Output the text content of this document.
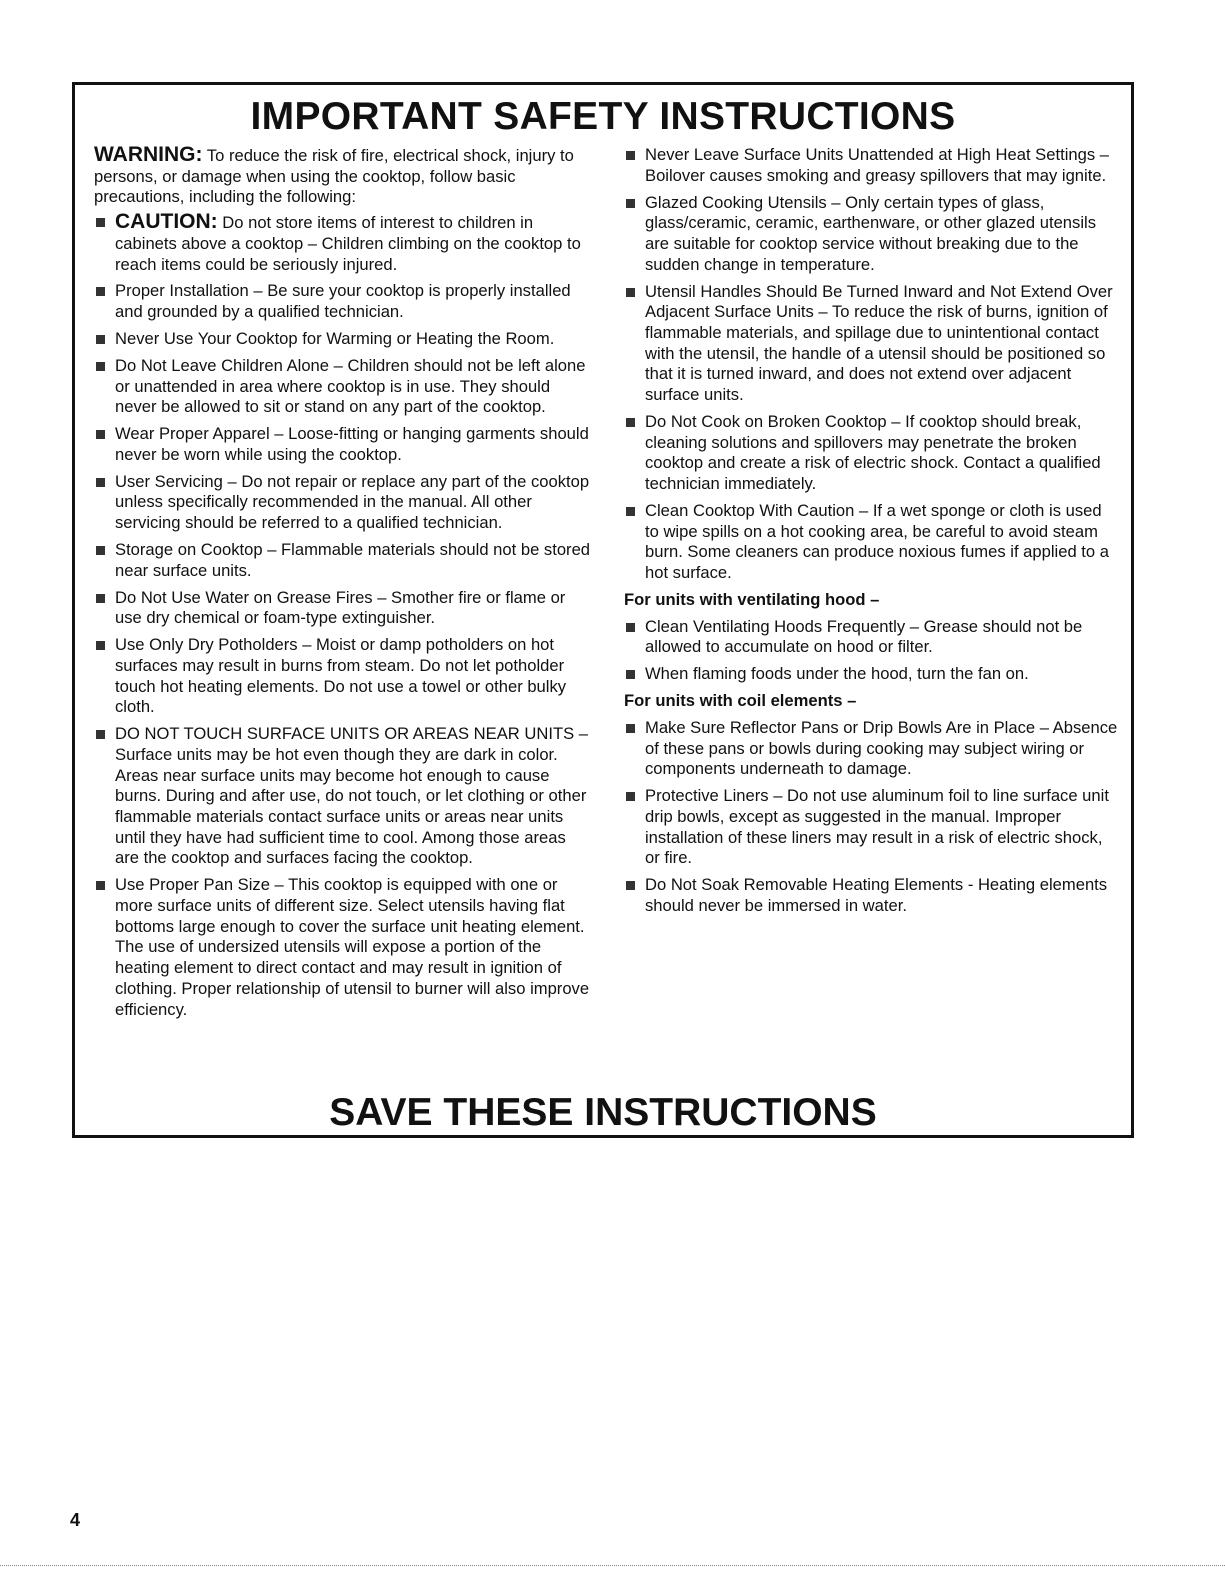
IMPORTANT SAFETY INSTRUCTIONS

WARNING: To reduce the risk of fire, electrical shock, injury to persons, or damage when using the cooktop, follow basic precautions, including the following:

CAUTION: Do not store items of interest to children in cabinets above a cooktop – Children climbing on the cooktop to reach items could be seriously injured.
Proper Installation – Be sure your cooktop is properly installed and grounded by a qualified technician.
Never Use Your Cooktop for Warming or Heating the Room.
Do Not Leave Children Alone – Children should not be left alone or unattended in area where cooktop is in use. They should never be allowed to sit or stand on any part of the cooktop.
Wear Proper Apparel – Loose-fitting or hanging garments should never be worn while using the cooktop.
User Servicing – Do not repair or replace any part of the cooktop unless specifically recommended in the manual. All other servicing should be referred to a qualified technician.
Storage on Cooktop – Flammable materials should not be stored near surface units.
Do Not Use Water on Grease Fires – Smother fire or flame or use dry chemical or foam-type extinguisher.
Use Only Dry Potholders – Moist or damp potholders on hot surfaces may result in burns from steam. Do not let potholder touch hot heating elements. Do not use a towel or other bulky cloth.
DO NOT TOUCH SURFACE UNITS OR AREAS NEAR UNITS – Surface units may be hot even though they are dark in color. Areas near surface units may become hot enough to cause burns. During and after use, do not touch, or let clothing or other flammable materials contact surface units or areas near units until they have had sufficient time to cool. Among those areas are the cooktop and surfaces facing the cooktop.
Use Proper Pan Size – This cooktop is equipped with one or more surface units of different size. Select utensils having flat bottoms large enough to cover the surface unit heating element. The use of undersized utensils will expose a portion of the heating element to direct contact and may result in ignition of clothing. Proper relationship of utensil to burner will also improve efficiency.
Never Leave Surface Units Unattended at High Heat Settings – Boilover causes smoking and greasy spillovers that may ignite.
Glazed Cooking Utensils – Only certain types of glass, glass/ceramic, ceramic, earthenware, or other glazed utensils are suitable for cooktop service without breaking due to the sudden change in temperature.
Utensil Handles Should Be Turned Inward and Not Extend Over Adjacent Surface Units – To reduce the risk of burns, ignition of flammable materials, and spillage due to unintentional contact with the utensil, the handle of a utensil should be positioned so that it is turned inward, and does not extend over adjacent surface units.
Do Not Cook on Broken Cooktop – If cooktop should break, cleaning solutions and spillovers may penetrate the broken cooktop and create a risk of electric shock. Contact a qualified technician immediately.
Clean Cooktop With Caution – If a wet sponge or cloth is used to wipe spills on a hot cooking area, be careful to avoid steam burn. Some cleaners can produce noxious fumes if applied to a hot surface.

For units with ventilating hood –

Clean Ventilating Hoods Frequently – Grease should not be allowed to accumulate on hood or filter.
When flaming foods under the hood, turn the fan on.

For units with coil elements –

Make Sure Reflector Pans or Drip Bowls Are in Place – Absence of these pans or bowls during cooking may subject wiring or components underneath to damage.
Protective Liners – Do not use aluminum foil to line surface unit drip bowls, except as suggested in the manual. Improper installation of these liners may result in a risk of electric shock, or fire.
Do Not Soak Removable Heating Elements - Heating elements should never be immersed in water.
SAVE THESE INSTRUCTIONS
4
